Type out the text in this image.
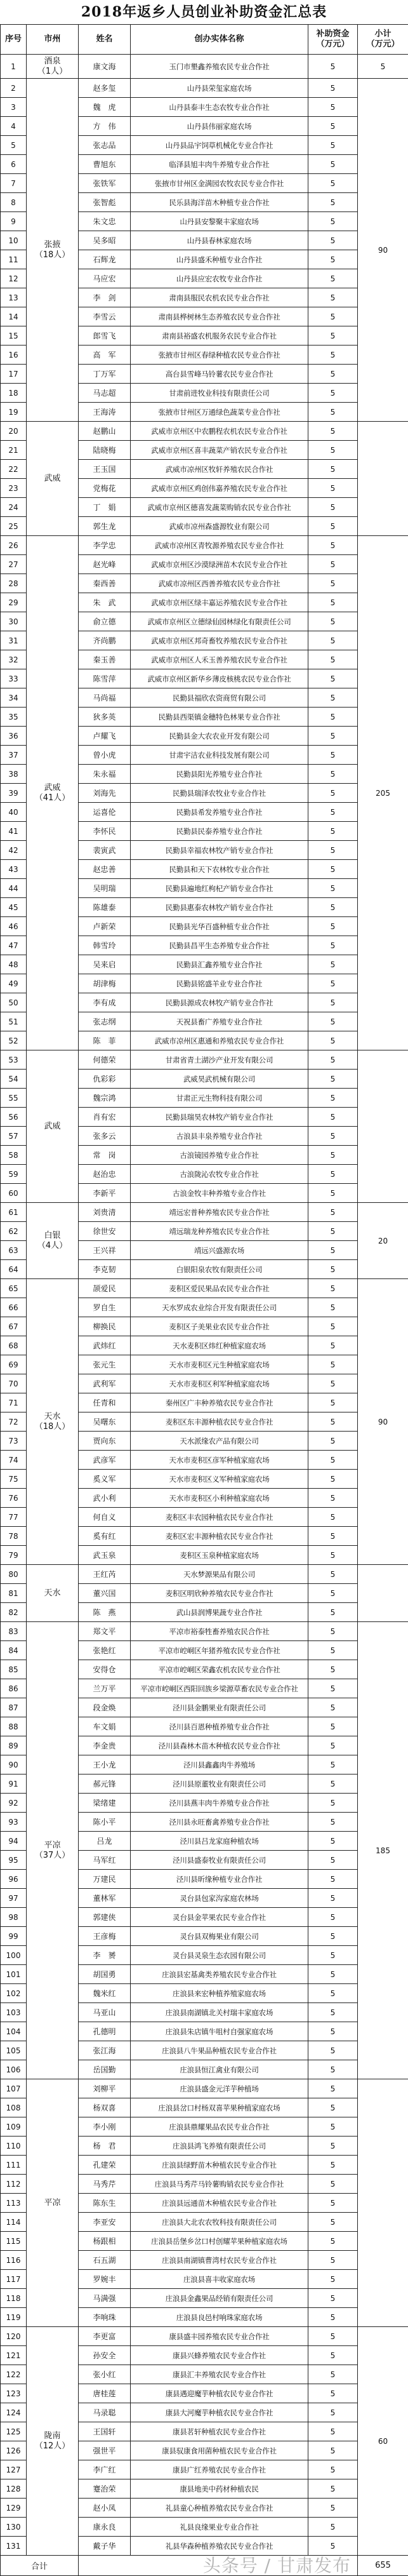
2018年返乡人员创业补助资金汇总表
序号	市州	姓名	创办实体名称	补助资金
（万元）	小计
（万元）
1	酒泉
（1人）	康文海	玉门市墾鑫养殖农民专业合作社	5	5
2	张掖
（18人）	赵多玺	山丹县荣玺家庭农场	5	90
3		魏　虎	山丹县泰丰生态农牧专业合作社	5	
4		方　伟	山丹县伟丽家庭农场	5	
5		张志品	山丹县品宇饲草机械化专业合作社	5	
6		曹旭东	临泽县旭丰肉牛养殖专业合作社	5	
7		张铁军	张掖市甘州区金满园农牧农民专业合作社	5	
8		张智彪	民乐县海洋苗木种植专业合作社	5	
9		朱文忠	山丹县安黎聚丰家庭农场	5	
10		吴多昭	山丹县春林家庭农场	5	
11		石辉龙	山丹县盛禾种植专业合作社	5	
12		马应宏	山丹县应宏农牧专业合作社	5	
13		李　剑	肃南县服民农机农民专业合作社	5	
14		李雪云	肃南县桦树林生态养殖农民专业合作社	5	
15		郎雪飞	肃南县裕盛农机服务农民专业合作社	5	
16		高　军	张掖市甘州区春绿种植农民专业合作社	5	
17		丁万军	高台县雪峰马铃薯农民专业合作社	5	
18		马志超	甘肃前进牧业科技有限责任公司	5	
19		王海涛	张掖市甘州区万通绿色蔬菜专业合作社	5	
20	武威	赵鹏山	武威市京州区中农鹏程农机农民专业合作社	5	
21		陆晓梅	武威市京州区喜丰蔬菜产销农民专业合作社	5	
22		王玉国	武威市凉州区牧轩养殖农民合作社	5	
23		党梅花	武威市京州区鸡创伟嘉养殖农民专业合作社	5	
24		丁　娟	武威市京州区德喜发蔬菜购销农民专业合作社	5	
25		郭生龙	武威市凉州森盛源牧业有限公司	5	
26	武威
（41人）	李学忠	武威市凉州区青牧源养殖农民专业合作社	5	205
27		赵光峰	武威市京州区沙漠绿洲苗木农民专业合作社	5	
28		秦西善	武威市凉州区西善养殖农民专业合作社	5	
29		朱　武	武威市京州区绿丰嘉运养殖农民专业合作社	5	
30		俞立德	武威市京州区立德绿仙园林绿化有限责任公司	5	
31		齐尚鹏	武威市京州区邦奇畜牧养殖农民专业合作社	5	
32		秦玉善	武威市京州区人禾玉善养殖农民专业合作社	5	
33		陈雪萍	武威市京州区新华乡薄皮核桃农民专业合作社	5	
34		马尚福	民勤县福欣农资商贸有限公司	5	
35		狄多英	民勤县西渠镇金穗特色林果专业合作社	5	
36		卢耀飞	民勤县金大农农业开发有限公司	5	
37		曾小虎	甘肃宇洁农业科技发展有限公司	5	
38		朱永福	民勤县阳光养殖专业合作社	5	
39		刘海先	民勤县瑞泽农牧业专业合作社	5	
40		运喜伦	民勤县希发养殖专业合作社	5	
41		李怀民	民勤县民泰养殖专业合作社	5	
42		裴寅武	民勤县幸福农林牧产销专业合作社	5	
43		赵忠善	民勤县和天下农林牧专业合作社	5	
44		吴明瑞	民勤县遍地红枸杞产销专业合作社	5	
45		陈雄泰	民勤县惠泰农林牧产销专业合作社	5	
46		卢新荣	民勤县光华百盛种植专业合作社	5	
47		韩雪玲	民勤县昌平生态养殖专业合作社	5	
48		吴来启	民勤县汇鑫养殖专业合作社	5	
49		胡津梅	民勤县铭盛羊业专业合作社	5	
50		李有成	民勤县源成农林牧产销专业合作社	5	
51		张志纲	天祝县畜广养殖专业合作社	5	
52		陈　菲	武威市凉州区惠通和养殖农民专业合作社	5	
53	武威	何德荣	甘肃省青土湖沙产业开发有限公司	5	
54		仇彩彩	武威昊武机械有限公司	5	
55		魏宗鸿	甘肃正元生物科技有限公司	5	
56		肖有宏	民勤县瑞昊农林牧产销专业合作社	5	
57		张多云	古浪县丰泉养殖专业合作社	5	
58		常　岗	古浪镜园养殖专业合作社	5	
59		赵治忠	古浪陇沁农牧专业合作社	5	
60		李新平	古浪金牧丰种养殖专业合作社	5	
61	白银
（4人）	刘贵清	靖远宏普种养殖农民专业合作社	5	20
62		徐世安	靖远瑞龙种养殖农民专业合作社	5	
63		王兴祥	靖远兴盛源农场	5	
64		李克韧	白银阳泉农牧有限责任公司	5	
65	天水
（18人）	颉爱民	麦积区爱民果品农民专业合作社	5	90
66		罗自生	天水罗成农业综合开发有限责任公司	5	
67		柳换民	麦积区子美果业农民专业合作社	5	
68		武炜红	天水麦积区炜红种植家庭农场	5	
69		张元生	天水市麦积区元生种植家庭农场	5	
70		武利军	天水市麦积区利军种植家庭农场	5	
71		任青和	秦州区广丰种养殖农民专业合作社	5	
72		吴曙东	麦积区东丰源种植农民专业合作社	5	
73		贾向东	天水派缘农产品有限公司	5	
74		武彦军	天水市麦积区彦军种植家庭农场	5	
75		奚义军	天水市麦积区义军种植家庭农场	5	
76		武小利	天水市麦积区小利种植家庭农场	5	
77		何自义	麦积区丰农园种植农民专业合作社	5	
78		奚有红	麦积区宏丰源种植农民专业合作社	5	
79		武玉泉	麦积区玉泉种植家庭农场	5	
80	天水	王红芮	天水梦源果品有限公司	5	
81		董兴国	麦积区明欣种养殖农民专业合作社	5	
82		陈　燕	武山县润博果蔬专业合作社	5	
83	平凉
（37人）	郑文平	平凉市裕泰牲畜养殖农民合作社	5	185
84		张艳红	平凉市崆峒区年猪养殖农民专业合作社	5	
85		安得仓	平凉市崆峒区荣鑫农机农民专业合作社	5	
86		兰万平	平凉市崆峒区西阳回族乡梁源草畜农民专业合作社	5	
87		段金焕	泾川县金鹏果业有限责任公司	5	
88		车文娟	泾川县百恩种植养殖专业合作社	5	
89		李金贵	泾川县森林木苗木种植农民专业合作社	5	
90		王小龙	泾川县鑫鑫肉牛养殖场	5	
91		郝元锋	泾川县原董牧业有限责任公司	5	
92		梁绪建	泾川县燕丰肉牛养殖专业合作社	5	
93		陈小平	泾川县永旺畜禽养殖专业合作社	5	
94		吕龙	泾川县吕龙家庭种植农场	5	
95		马军红	泾川县盛泰牧业有限责任公司	5	
96		万建民	泾川县昕缘种植专业合作社	5	
97		董林军	灵台县包家沟家庭农林场	5	
98		郭建侠	灵台县金苹果农民专业合作社	5	
99		王彦梅	灵台县双梅果业有限公司	5	
100		李　赟	灵台县灵泉生态农园有限公司	5	
101		胡国勇	庄浪县宏基禽类养殖农民专业合作社	5	
102		魏米红	庄浪县来宏种植养殖家庭农场	5	
103		马亚山	庄浪县南湖镇北关村瑞丰家庭农场	5	
104		孔德明	庄浪县朱店镇牛咀村自强家庭农场	5	
105		张江海	庄浪县八牛果品种植农民专业合作社	5	
106		岳国勤	庄浪县恒江禽业有限公司	5	
107	平凉	刘柳平	庄浪县盛金元洋芋种植场	5	
108		杨双喜	庄浪县岔口村杨双喜苹果种植家庭农场	5	
109		李小刚	庄浪县鼎耀果品农民专业合作社	5	
110		杨　君	庄浪县鸿飞养殖有限责任公司	5	
111		孔建荣	庄浪县绿野苗木种植农民专业合作社	5	
112		马秀芹	庄浪县马秀芹马铃薯购销农民专业合作社	5	
113		陈东生	庄浪县远通苗木种植农民专业合作社	5	
114		李亚安	庄浪县大北农农牧科技有限责任公司	5	
115		杨跟相	庄浪县岳堡乡岔口村创耀苹果种植家庭农场	5	
116		石五湖	庄浪县南湖镇曹湾村农民专业合作社	5	
117		罗婉丰	庄浪县喜丰收家庭农场	5	
118		马满强	庄浪县金鑫果品经销有限责任公司	5	
119		李响珠	庄浪县良邑村响珠家庭农场	5	
120	陇南
（12人）	李更富	康县盛丰园养殖农民专业合作社	5	60
121		孙安全	康县兴蜂养殖农民专业合作社	5	
122		张小红	康县汇丰养殖农民专业合作社	5	
123		唐桂莲	康县遇迎魔芋种植农民专业合作社	5	
124		马录聪	康县大河魔芋种植农民专业合作社	5	
125		王国轩	康县茗轩种植农民专业合作社	5	
126		强世平	康县驭康食用菌种植农民专业合作社	5	
127		李广红	康县广红养殖农民专业合作社	5	
128		蹇治荣	康县地美中药材种植农民	5	
129		赵小凤	礼县童心种植养殖农民专业合作社	5	
130		康永良	礼县良缘果业专业合作社	5	
131		戴子华	礼县华森种植养殖农民专业合作社	5	
合计		头条号 / 甘肃发布			655
